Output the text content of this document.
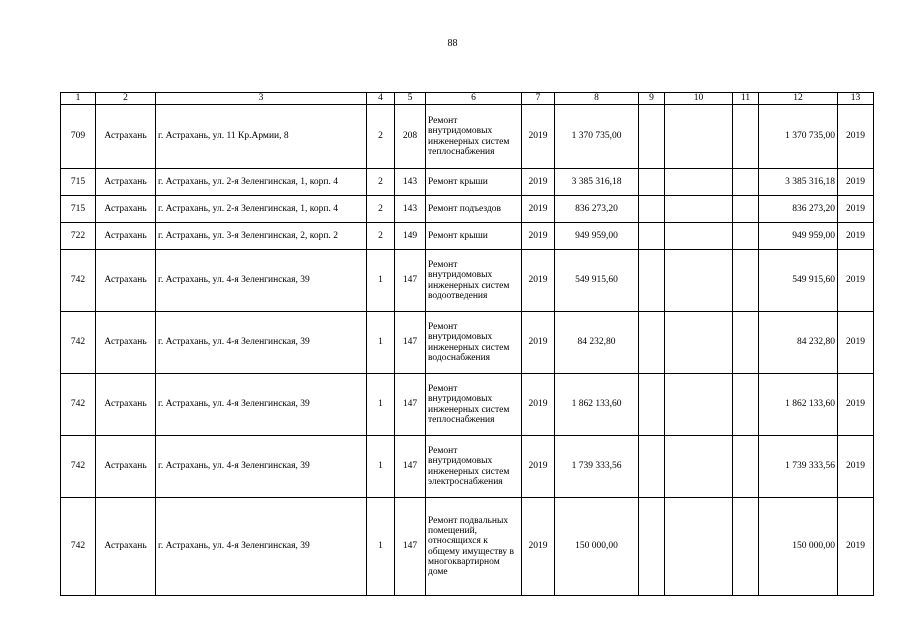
88
1	2	3	4	5	6	7	8	9	10	11	12	13
709	Астрахань	г. Астрахань, ул. 11 Кр.Армии, 8	2	208	Ремонт внутридомовых инженерных систем теплоснабжения	2019	1 370 735,00				1 370 735,00	2019
715	Астрахань	г. Астрахань, ул. 2-я Зеленгинская, 1, корп. 4	2	143	Ремонт крыши	2019	3 385 316,18				3 385 316,18	2019
715	Астрахань	г. Астрахань, ул. 2-я Зеленгинская, 1, корп. 4	2	143	Ремонт подъездов	2019	836 273,20				836 273,20	2019
722	Астрахань	г. Астрахань, ул. 3-я Зеленгинская, 2, корп. 2	2	149	Ремонт крыши	2019	949 959,00				949 959,00	2019
742	Астрахань	г. Астрахань, ул. 4-я Зеленгинская, 39	1	147	Ремонт внутридомовых инженерных систем водоотведения	2019	549 915,60				549 915,60	2019
742	Астрахань	г. Астрахань, ул. 4-я Зеленгинская, 39	1	147	Ремонт внутридомовых инженерных систем водоснабжения	2019	84 232,80				84 232,80	2019
742	Астрахань	г. Астрахань, ул. 4-я Зеленгинская, 39	1	147	Ремонт внутридомовых инженерных систем теплоснабжения	2019	1 862 133,60				1 862 133,60	2019
742	Астрахань	г. Астрахань, ул. 4-я Зеленгинская, 39	1	147	Ремонт внутридомовых инженерных систем электроснабжения	2019	1 739 333,56				1 739 333,56	2019
742	Астрахань	г. Астрахань, ул. 4-я Зеленгинская, 39	1	147	Ремонт подвальных помещений, относящихся к общему имуществу в многоквартирном доме	2019	150 000,00				150 000,00	2019
